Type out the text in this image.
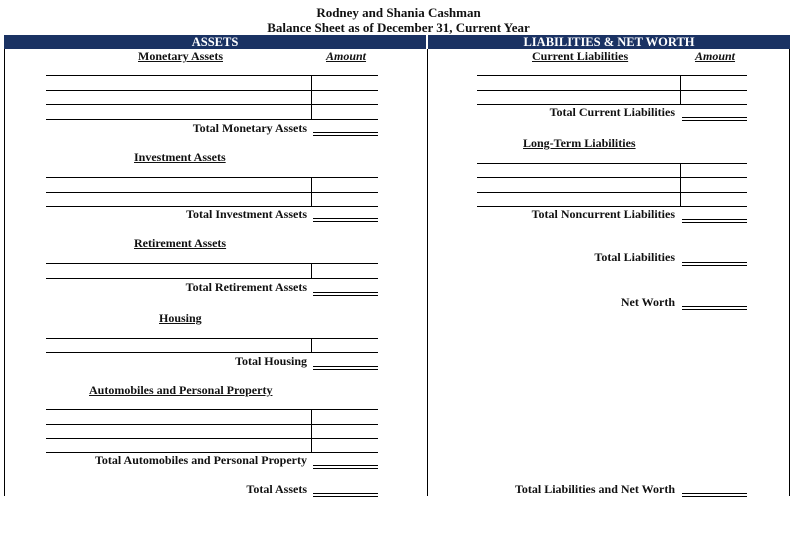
Rodney and Shania Cashman
Balance Sheet as of December 31, Current Year
ASSETS	LIABILITIES & NET WORTH
Monetary Assets	Amount
Total Monetary Assets
Investment Assets
Total Investment Assets
Retirement Assets
Total Retirement Assets
Housing
Total Housing
Automobiles and Personal Property
Total Automobiles and Personal Property
Total Assets
Current Liabilities	Amount
Total Current Liabilities
Long-Term Liabilities
Total Noncurrent Liabilities
Total Liabilities
Net Worth
Total Liabilities and Net Worth
